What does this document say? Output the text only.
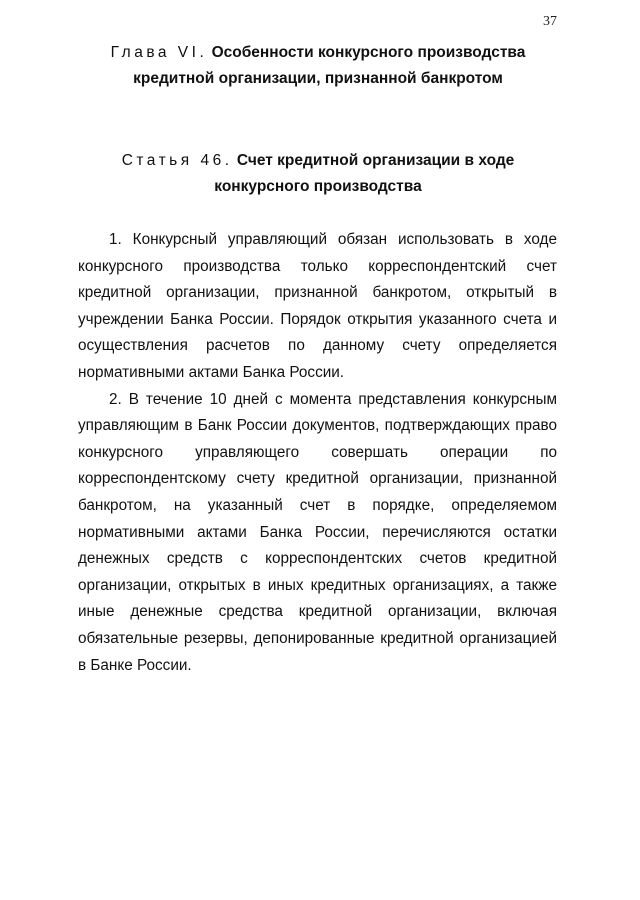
37
Глава VI. Особенности конкурсного производства кредитной организации, признанной банкротом
Статья 46. Счет кредитной организации в ходе конкурсного производства

1. Конкурсный управляющий обязан использовать в ходе конкурсного производства только корреспондентский счет кредитной организации, признанной банкротом, открытый в учреждении Банка России. Порядок открытия указанного счета и осуществления расчетов по данному счету определяется нормативными актами Банка России.

2. В течение 10 дней с момента представления конкурсным управляющим в Банк России документов, подтверждающих право конкурсного управляющего совершать операции по корреспондентскому счету кредитной организации, признанной банкротом, на указанный счет в порядке, определяемом нормативными актами Банка России, перечисляются остатки денежных средств с корреспондентских счетов кредитной организации, открытых в иных кредитных организациях, а также иные денежные средства кредитной организации, включая обязательные резервы, депонированные кредитной организацией в Банке России.
